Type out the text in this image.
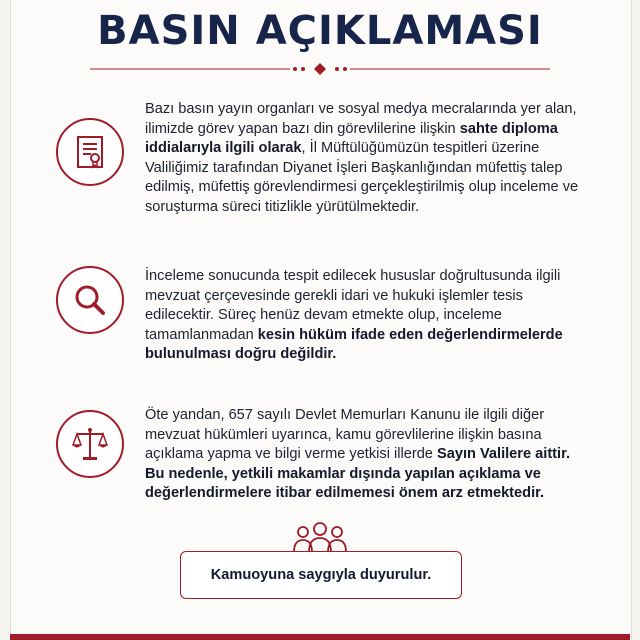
BASIN AÇIKLAMASI
Bazı basın yayın organları ve sosyal medya mecralarında yer alan, ilimizde görev yapan bazı din görevlilerine ilişkin sahte diploma iddialarıyla ilgili olarak, İl Müftülüğümüzün tespitleri üzerine Valiliğimiz tarafından Diyanet İşleri Başkanlığından müfettiş talep edilmiş, müfettiş görevlendirmesi gerçekleştirilmiş olup inceleme ve soruşturma süreci titizlikle yürütülmektedir.
İnceleme sonucunda tespit edilecek hususlar doğrultusunda ilgili mevzuat çerçevesinde gerekli idari ve hukuki işlemler tesis edilecektir. Süreç henüz devam etmekte olup, inceleme tamamlanmadan kesin hüküm ifade eden değerlendirmelerde bulunulması doğru değildir.
Öte yandan, 657 sayılı Devlet Memurları Kanunu ile ilgili diğer mevzuat hükümleri uyarınca, kamu görevlilerine ilişkin basına açıklama yapma ve bilgi verme yetkisi illerde Sayın Valilere aittir. Bu nedenle, yetkili makamlar dışında yapılan açıklama ve değerlendirmelere itibar edilmemesi önem arz etmektedir.
Kamuoyuna saygıyla duyurulur.
